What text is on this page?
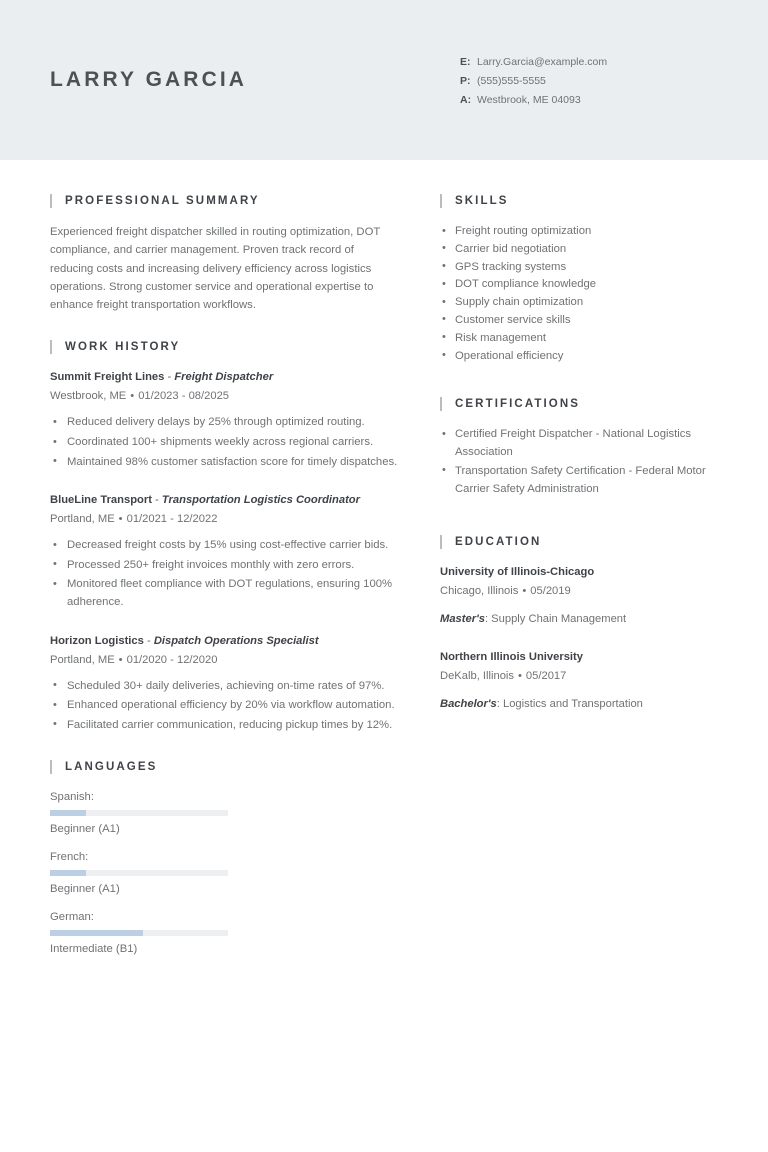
LARRY GARCIA
E: Larry.Garcia@example.com
P: (555)555-5555
A: Westbrook, ME 04093
PROFESSIONAL SUMMARY
Experienced freight dispatcher skilled in routing optimization, DOT compliance, and carrier management. Proven track record of reducing costs and increasing delivery efficiency across logistics operations. Strong customer service and operational expertise to enhance freight transportation workflows.
WORK HISTORY
Summit Freight Lines - Freight Dispatcher
Westbrook, ME • 01/2023 - 08/2025
• Reduced delivery delays by 25% through optimized routing.
• Coordinated 100+ shipments weekly across regional carriers.
• Maintained 98% customer satisfaction score for timely dispatches.
BlueLine Transport - Transportation Logistics Coordinator
Portland, ME • 01/2021 - 12/2022
• Decreased freight costs by 15% using cost-effective carrier bids.
• Processed 250+ freight invoices monthly with zero errors.
• Monitored fleet compliance with DOT regulations, ensuring 100% adherence.
Horizon Logistics - Dispatch Operations Specialist
Portland, ME • 01/2020 - 12/2020
• Scheduled 30+ daily deliveries, achieving on-time rates of 97%.
• Enhanced operational efficiency by 20% via workflow automation.
• Facilitated carrier communication, reducing pickup times by 12%.
LANGUAGES
Spanish:
Beginner (A1)
French:
Beginner (A1)
German:
Intermediate (B1)
SKILLS
• Freight routing optimization
• Carrier bid negotiation
• GPS tracking systems
• DOT compliance knowledge
• Supply chain optimization
• Customer service skills
• Risk management
• Operational efficiency
CERTIFICATIONS
• Certified Freight Dispatcher - National Logistics Association
• Transportation Safety Certification - Federal Motor Carrier Safety Administration
EDUCATION
University of Illinois-Chicago
Chicago, Illinois • 05/2019
Master's: Supply Chain Management
Northern Illinois University
DeKalb, Illinois • 05/2017
Bachelor's: Logistics and Transportation
